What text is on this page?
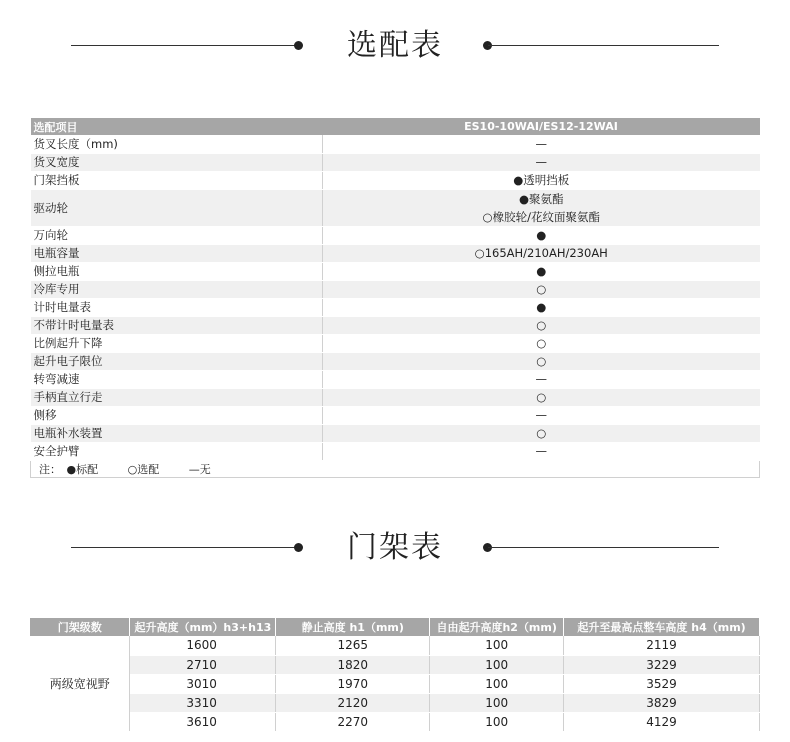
选配表
选配项目	ES10-10WAI/ES12-12WAI
货叉长度（mm)	—
货叉宽度	—
门架挡板	●透明挡板
驱动轮	●聚氨酯
○橡胶轮/花纹面聚氨酯

万向轮	●
电瓶容量	○165AH/210AH/230AH
侧拉电瓶	●
冷库专用	○
计时电量表	●
不带计时电量表	○
比例起升下降	○
起升电子限位	○
转弯减速	—
手柄直立行走	○
侧移	—
电瓶补水装置	○
安全护臂	—
注： ●标配 ○选配 —无	
门架表
门架级数	起升高度（mm）h3+h13	静止高度 h1（mm)	自由起升高度h2（mm)	起升至最高点整车高度 h4（mm)
两级宽视野	1600	1265	100	2119
	2710	1820	100	3229
	3010	1970	100	3529
	3310	2120	100	3829
	3610	2270	100	4129
